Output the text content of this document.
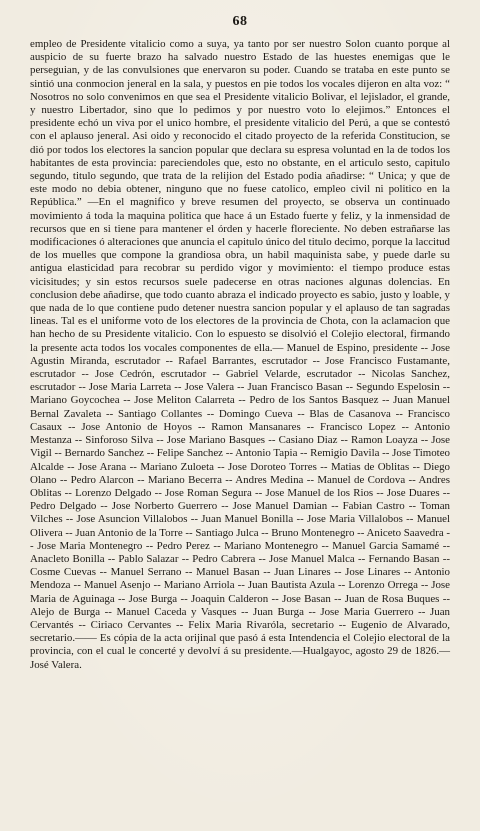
68

empleo de Presidente vitalicio como a suya, ya tanto por ser nuestro Solon cuanto porque al auspicio de su fuerte brazo ha salvado nuestro Estado de las huestes enemigas que le perseguian, y de las convulsiones que enervaron su poder. Cuando se trataba en este punto se sintió una conmocion jeneral en la sala, y puestos en pie todos los vocales dijeron en alta voz: “ Nosotros no solo convenimos en que sea el Presidente vitalicio Bolivar, el lejislador, el grande, y nuestro Libertador, sino que lo pedimos y por nuestro voto lo elejimos.” Entonces el presidente echó un viva por el unico hombre, el presidente vitalicio del Perú, a que se contestó con el aplauso jeneral. Asi oido y reconocido el citado proyecto de la referida Constitucion, se dió por todos los electores la sancion popular que declara su espresa voluntad en la de todos los habitantes de esta provincia: pareciendoles que, esto no obstante, en el articulo sesto, capitulo segundo, titulo segundo, que trata de la relijion del Estado podia añadirse: “ Unica; y que de este modo no debia obtener, ninguno que no fuese catolico, empleo civil ni politico en la República.” —En el magnifico y breve resumen del proyecto, se observa un continuado movimiento á toda la maquina politica que hace á un Estado fuerte y feliz, y la inmensidad de recursos que en si tiene para mantener el órden y hacerle floreciente. No deben estrañarse las modificaciones ó alteraciones que anuncia el capitulo único del titulo decimo, porque la laccitud de los muelles que compone la grandiosa obra, un habil maquinista sabe, y puede darle su antigua elasticidad para recobrar su perdido vigor y movimiento: el tiempo produce estas vicisitudes; y sin estos recursos suele padecerse en otras naciones algunas dolencias. En conclusion debe añadirse, que todo cuanto abraza el indicado proyecto es sabio, justo y loable, y que nada de lo que contiene pudo detener nuestra sancion popular y el aplauso de tan sagradas lineas. Tal es el uniforme voto de los electores de la provincia de Chota, con la aclamacion que han hecho de su Presidente vitalicio. Con lo espuesto se disolvió el Colejio electoral, firmando la presente acta todos los vocales componentes de ella.— Manuel de Espino, presidente -- Jose Agustin Miranda, escrutador -- Rafael Barrantes, escrutador -- Jose Francisco Fustamante, escrutador -- Jose Cedrón, escrutador -- Gabriel Velarde, escrutador -- Nicolas Sanchez, escrutador -- Jose Maria Larreta -- Jose Valera -- Juan Francisco Basan -- Segundo Espelosin -- Mariano Goycochea -- Jose Meliton Calarreta -- Pedro de los Santos Basquez -- Juan Manuel Bernal Zavaleta -- Santiago Collantes -- Domingo Cueva -- Blas de Casanova -- Francisco Casaux -- Jose Antonio de Hoyos -- Ramon Mansanares -- Francisco Lopez -- Antonio Mestanza -- Sinforoso Silva -- Jose Mariano Basques -- Casiano Diaz -- Ramon Loayza -- Jose Vigil -- Bernardo Sanchez -- Felipe Sanchez -- Antonio Tapia -- Remigio Davila -- Jose Timoteo Alcalde -- Jose Arana -- Mariano Zuloeta -- Jose Doroteo Torres -- Matias de Oblitas -- Diego Olano -- Pedro Alarcon -- Mariano Becerra -- Andres Medina -- Manuel de Cordova -- Andres Oblitas -- Lorenzo Delgado -- Jose Roman Segura -- Jose Manuel de los Rios -- Jose Duares -- Pedro Delgado -- Jose Norberto Guerrero -- Jose Manuel Damian -- Fabian Castro -- Toman Vilches -- Jose Asuncion Villalobos -- Juan Manuel Bonilla -- Jose Maria Villalobos -- Manuel Olivera -- Juan Antonio de la Torre -- Santiago Julca -- Bruno Montenegro -- Aniceto Saavedra -- Jose Maria Montenegro -- Pedro Perez -- Mariano Montenegro -- Manuel Garcia Samamé -- Anacleto Bonilla -- Pablo Salazar -- Pedro Cabrera -- Jose Manuel Malca -- Fernando Basan -- Cosme Cuevas -- Manuel Serrano -- Manuel Basan -- Juan Linares -- Jose Linares -- Antonio Mendoza -- Manuel Asenjo -- Mariano Arriola -- Juan Bautista Azula -- Lorenzo Orrega -- Jose Maria de Aguinaga -- Jose Burga -- Joaquin Calderon -- Jose Basan -- Juan de Rosa Buques -- Alejo de Burga -- Manuel Caceda y Vasques -- Juan Burga -- Jose Maria Guerrero -- Juan Cervantés -- Ciriaco Cervantes -- Felix Maria Rivaróla, secretario -- Eugenio de Alvarado, secretario.—— Es cópia de la acta orijinal que pasó á esta Intendencia el Colejio electoral de la provincia, con el cual le concerté y devolví á su presidente.—Hualgayoc, agosto 29 de 1826.—José Valera.
